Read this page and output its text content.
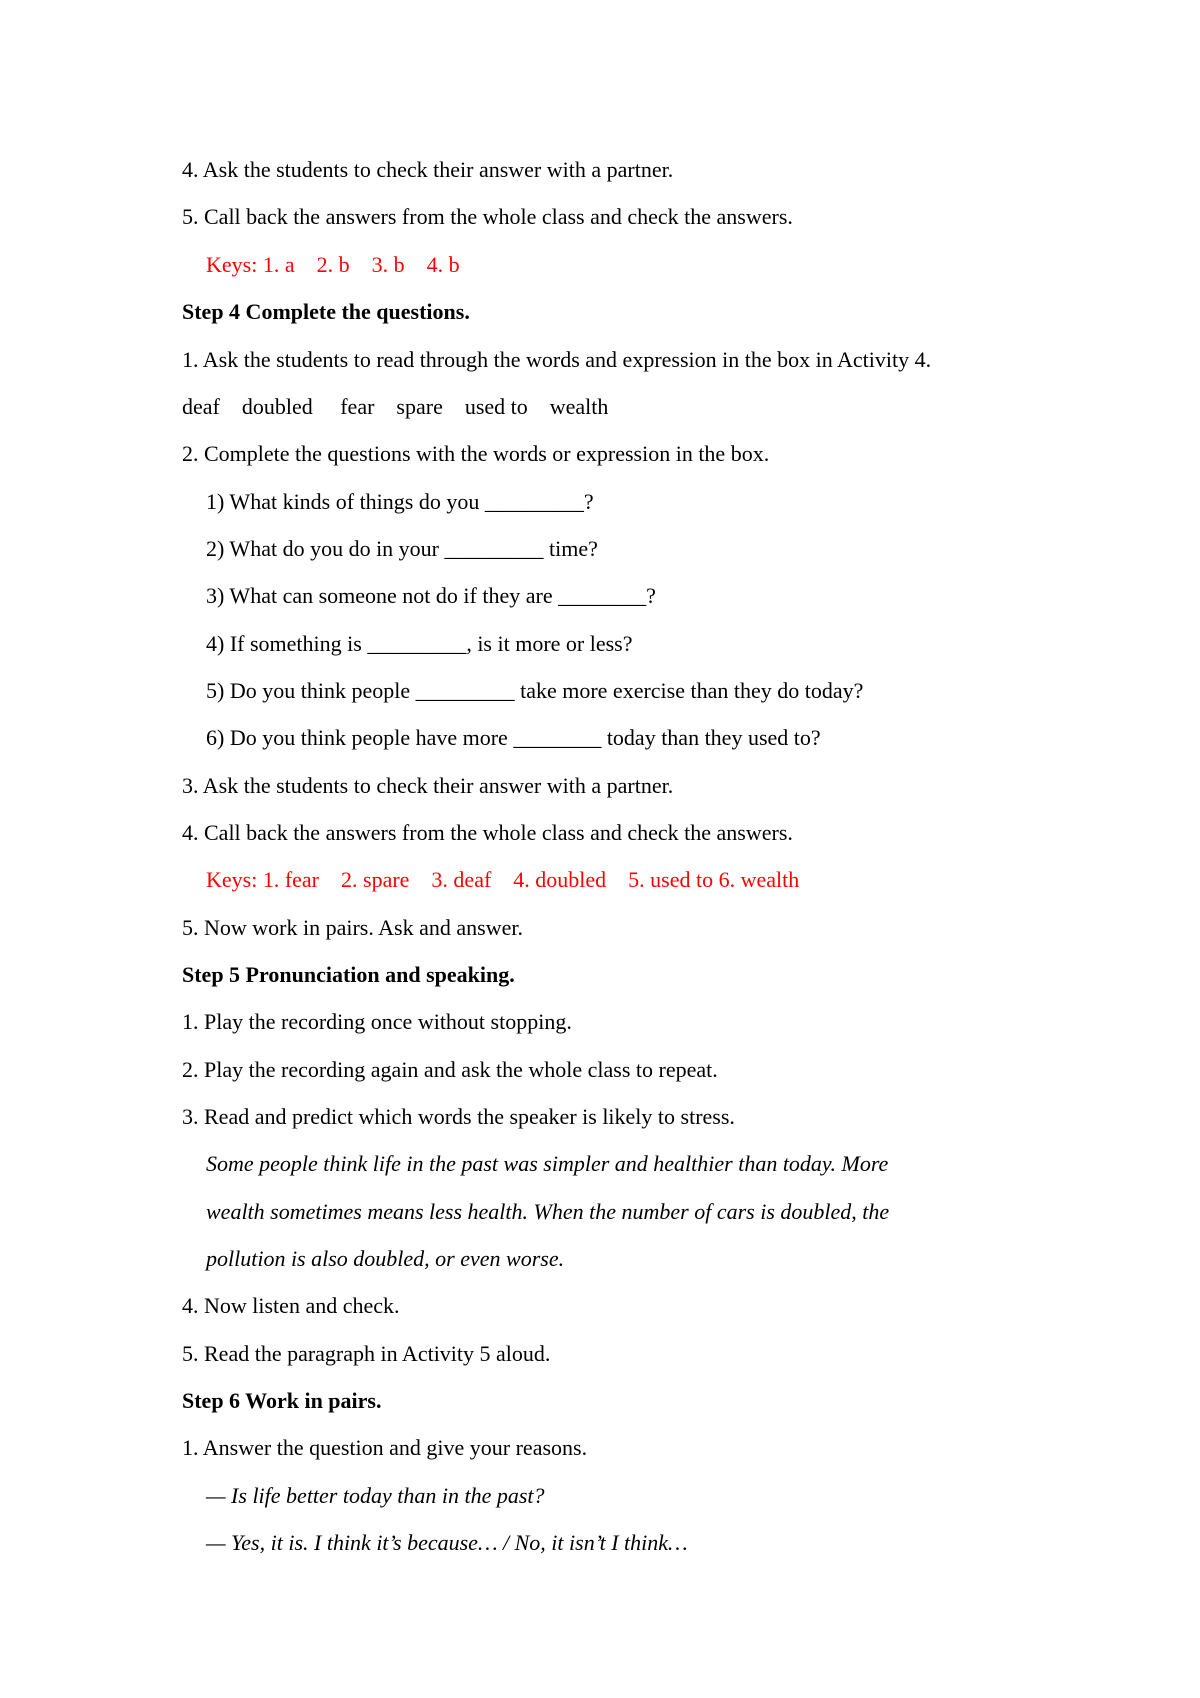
4. Ask the students to check their answer with a partner.

5. Call back the answers from the whole class and check the answers.

Keys: 1. a    2. b    3. b    4. b

Step 4 Complete the questions.

1. Ask the students to read through the words and expression in the box in Activity 4.

deaf    doubled     fear    spare    used to    wealth

2. Complete the questions with the words or expression in the box.

1) What kinds of things do you _________?

2) What do you do in your _________ time?

3) What can someone not do if they are ________?

4) If something is _________, is it more or less?

5) Do you think people _________ take more exercise than they do today?

6) Do you think people have more ________ today than they used to?

3. Ask the students to check their answer with a partner.

4. Call back the answers from the whole class and check the answers.

Keys: 1. fear    2. spare    3. deaf    4. doubled    5. used to 6. wealth

5. Now work in pairs. Ask and answer.

Step 5 Pronunciation and speaking.

1. Play the recording once without stopping.

2. Play the recording again and ask the whole class to repeat.

3. Read and predict which words the speaker is likely to stress.

Some people think life in the past was simpler and healthier than today. More

wealth sometimes means less health. When the number of cars is doubled, the

pollution is also doubled, or even worse.

4. Now listen and check.

5. Read the paragraph in Activity 5 aloud.

Step 6 Work in pairs.

1. Answer the question and give your reasons.

— Is life better today than in the past?

— Yes, it is. I think it’s because… / No, it isn’t I think…
